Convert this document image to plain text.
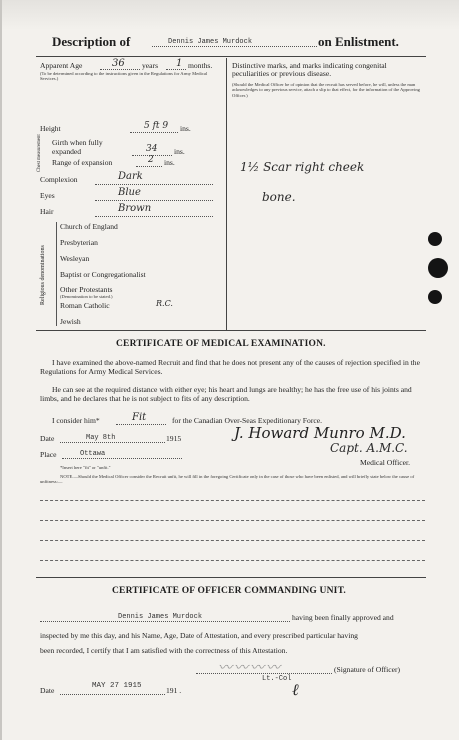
Description of	Dennis James Murdock	on Enlistment.
Apparent Age	36 years 1 months.
(To be determined according to the instructions given in the Regulations for Army Medical Services.)
Height	5 ft 9 ins.
Chest measurement Girth when fully expanded	34 ins.
Range of expansion	2 ins.
Complexion	Dark
Eyes	Blue
Hair	Brown
Religious denominations
Church of England
Presbyterian
Wesleyan
Baptist or Congregationalist
Other Protestants
(Denomination to be stated.)
Roman Catholic	R.C.
Jewish
Distinctive marks, and marks indicating congenital peculiarities or previous disease.
(Should the Medical Officer be of opinion that the recruit has served before, he will, unless the man acknowledges to any previous service, attach a slip to that effect, for the information of the Approving Officer.)
1½ Scar right cheek
bone.
CERTIFICATE OF MEDICAL EXAMINATION.
I have examined the above-named Recruit and find that he does not present any of the causes of rejection specified in the Regulations for Army Medical Services.
He can see at the required distance with either eye; his heart and lungs are healthy; he has the free use of his joints and limbs, and he declares that he is not subject to fits of any description.
I consider him*	Fit	for the Canadian Over-Seas Expeditionary Force.
Date	May 8th	1915
Place	Ottawa
J. Howard Munro M.D.
Capt. A.M.C.
Medical Officer.
*Insert here "fit" or "unfit."
NOTE.—Should the Medical Officer consider the Recruit unfit, he will fill in the foregoing Certificate only in the case of those who have been enlisted, and will briefly state below the cause of unfitness:—
CERTIFICATE OF OFFICER COMMANDING UNIT.
Dennis James Murdock	having been finally approved and
inspected by me this day, and his Name, Age, Date of Attestation, and every prescribed particular having
been recorded, I certify that I am satisfied with the correctness of this Attestation.
〰〰〰〰	(Signature of Officer)
Lt.-Col
ℓ
Date	MAY 27 1915	191 .
